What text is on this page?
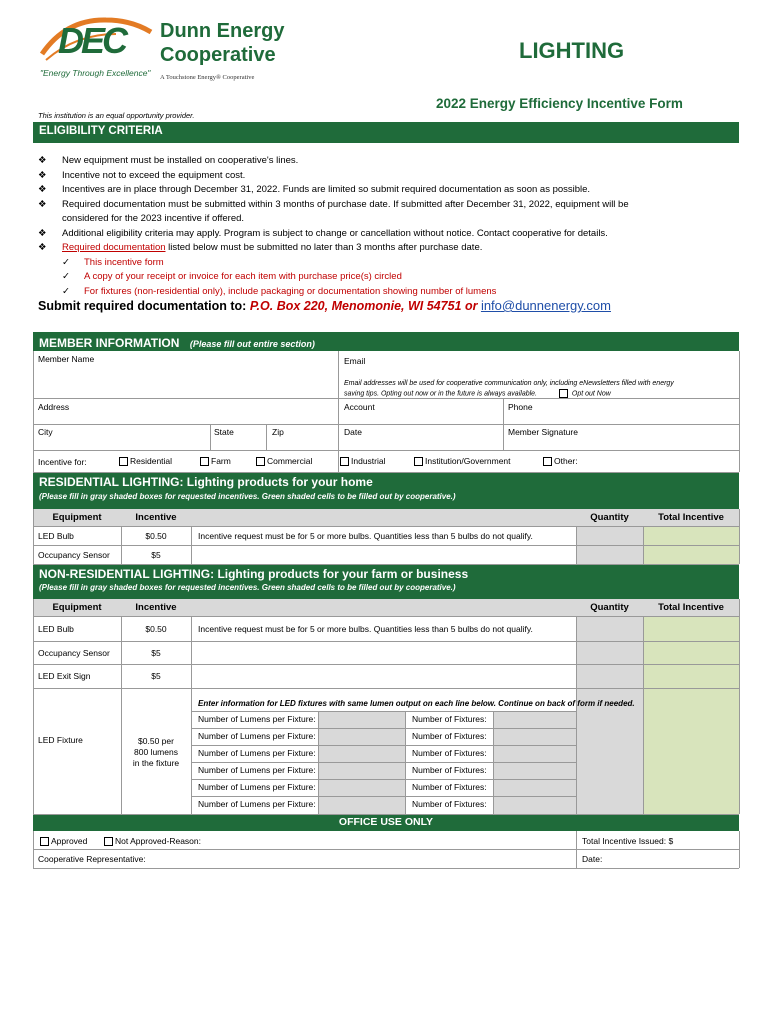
DEC Dunn Energy
Cooperative
"Energy Through Excellence" A Touchstone Energy® Cooperative
LIGHTING
2022 Energy Efficiency Incentive Form
This institution is an equal opportunity provider.
ELIGIBILITY CRITERIA
❖ New equipment must be installed on cooperative's lines.
❖ Incentive not to exceed the equipment cost.
❖ Incentives are in place through December 31, 2022. Funds are limited so submit required documentation as soon as possible.
❖ Required documentation must be submitted within 3 months of purchase date. If submitted after December 31, 2022, equipment will be
considered for the 2023 incentive if offered.
❖ Additional eligibility criteria may apply. Program is subject to change or cancellation without notice. Contact cooperative for details.
❖ Required documentation listed below must be submitted no later than 3 months after purchase date.
✓ This incentive form
✓ A copy of your receipt or invoice for each item with purchase price(s) circled
✓ For fixtures (non-residential only), include packaging or documentation showing number of lumens
Submit required documentation to: P.O. Box 220, Menomonie, WI 54751 or info@dunnenergy.com
MEMBER INFORMATION (Please fill out entire section)
Member Name	Email
Email addresses will be used for cooperative communication only, including eNewsletters filled with energy
saving tips. Opting out now or in the future is always available.	Opt out Now
Address	Account	Phone
City	State	Zip	Date	Member Signature
Incentive for:	Residential	Farm	Commercial	Industrial	Institution/Government	Other:
RESIDENTIAL LIGHTING: Lighting products for your home
(Please fill in gray shaded boxes for requested incentives. Green shaded cells to be filled out by cooperative.)
Equipment	Incentive	Quantity	Total Incentive
LED Bulb	$0.50	Incentive request must be for 5 or more bulbs. Quantities less than 5 bulbs do not qualify.
Occupancy Sensor	$5
NON-RESIDENTIAL LIGHTING: Lighting products for your farm or business
(Please fill in gray shaded boxes for requested incentives. Green shaded cells to be filled out by cooperative.)
Equipment	Incentive	Quantity	Total Incentive
LED Bulb	$0.50	Incentive request must be for 5 or more bulbs. Quantities less than 5 bulbs do not qualify.
Occupancy Sensor	$5
LED Exit Sign	$5
Enter information for LED fixtures with same lumen output on each line below. Continue on back of form if needed.
LED Fixture	$0.50 per
800 lumens
in the fixture
Number of Lumens per Fixture:	Number of Fixtures:
Number of Lumens per Fixture:	Number of Fixtures:
Number of Lumens per Fixture:	Number of Fixtures:
Number of Lumens per Fixture:	Number of Fixtures:
Number of Lumens per Fixture:	Number of Fixtures:
Number of Lumens per Fixture:	Number of Fixtures:
OFFICE USE ONLY
Approved	Not Approved-Reason:	Total Incentive Issued: $
Cooperative Representative:	Date:
